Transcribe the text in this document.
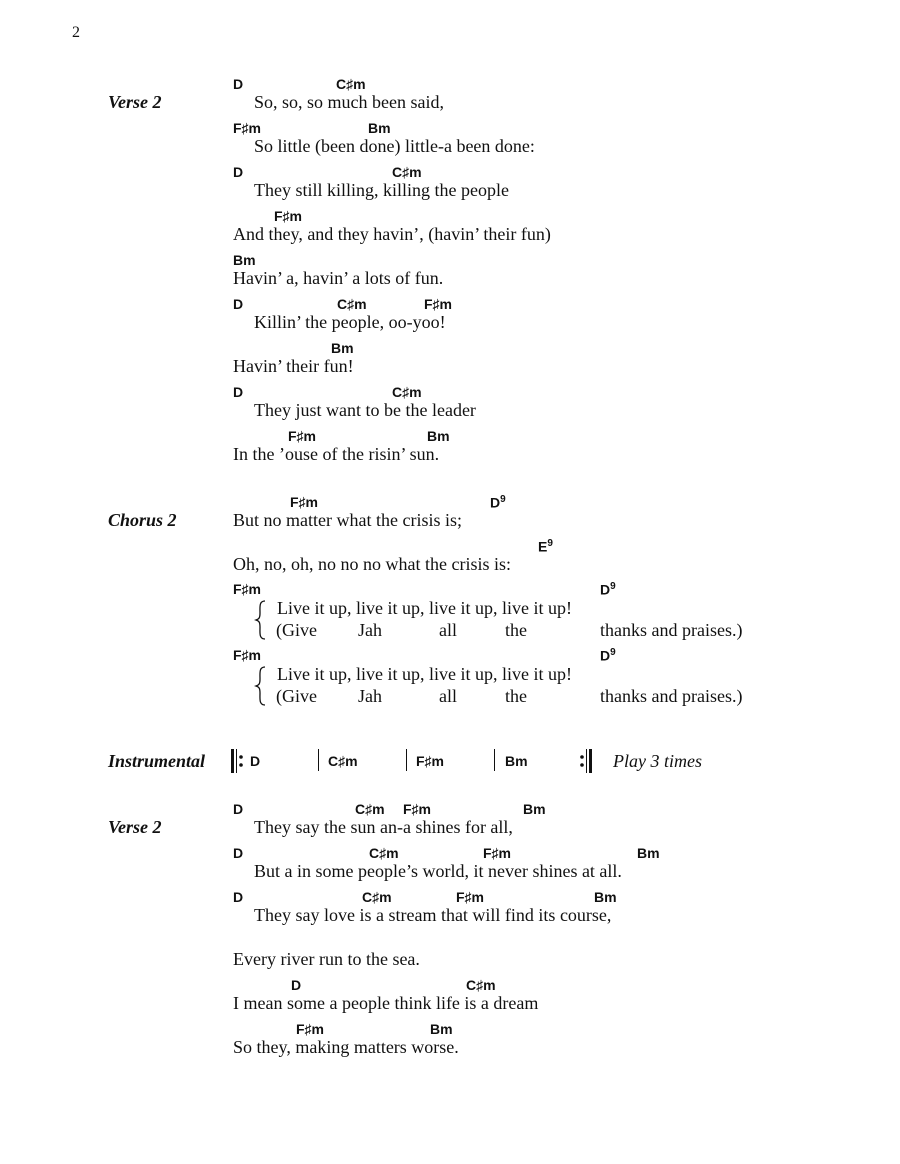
2
Verse 2
D	C♯m
So, so, so much been said,
F♯m	Bm
So little (been done) little-a been done:
D	C♯m
They still killing, killing the people
F♯m
And they, and they havin’, (havin’ their fun)
Bm
Havin’ a, havin’ a lots of fun.
D	C♯m	F♯m
Killin’ the people, oo-yoo!
Bm
Havin’ their fun!
D	C♯m
They just want to be the leader
F♯m	Bm
In the ’ouse of the risin’ sun.
Chorus 2
F♯m	$D^9$
But no matter what the crisis is;
$E^9$
Oh, no, oh, no no no what the crisis is:
F♯m	$D^9$
Live it up, live it up, live it up, live it up!
(Give Jah	all	the	thanks and praises.)
F♯m	$D^9$
Live it up, live it up, live it up, live it up!
(Give Jah	all	the	thanks and praises.)
Instrumental	D	C♯m	F♯m	Bm	Play 3 times
Verse 2
D	C♯m F♯m	Bm
They say the sun an-a shines for all,
D	C♯m	F♯m	Bm
But a in some people’s world, it never shines at all.
D	C♯m	F♯m	Bm
They say love is a stream that will find its course,
Every river run to the sea.
D	C♯m
I mean some a people think life is a dream
F♯m	Bm
So they, making matters worse.
